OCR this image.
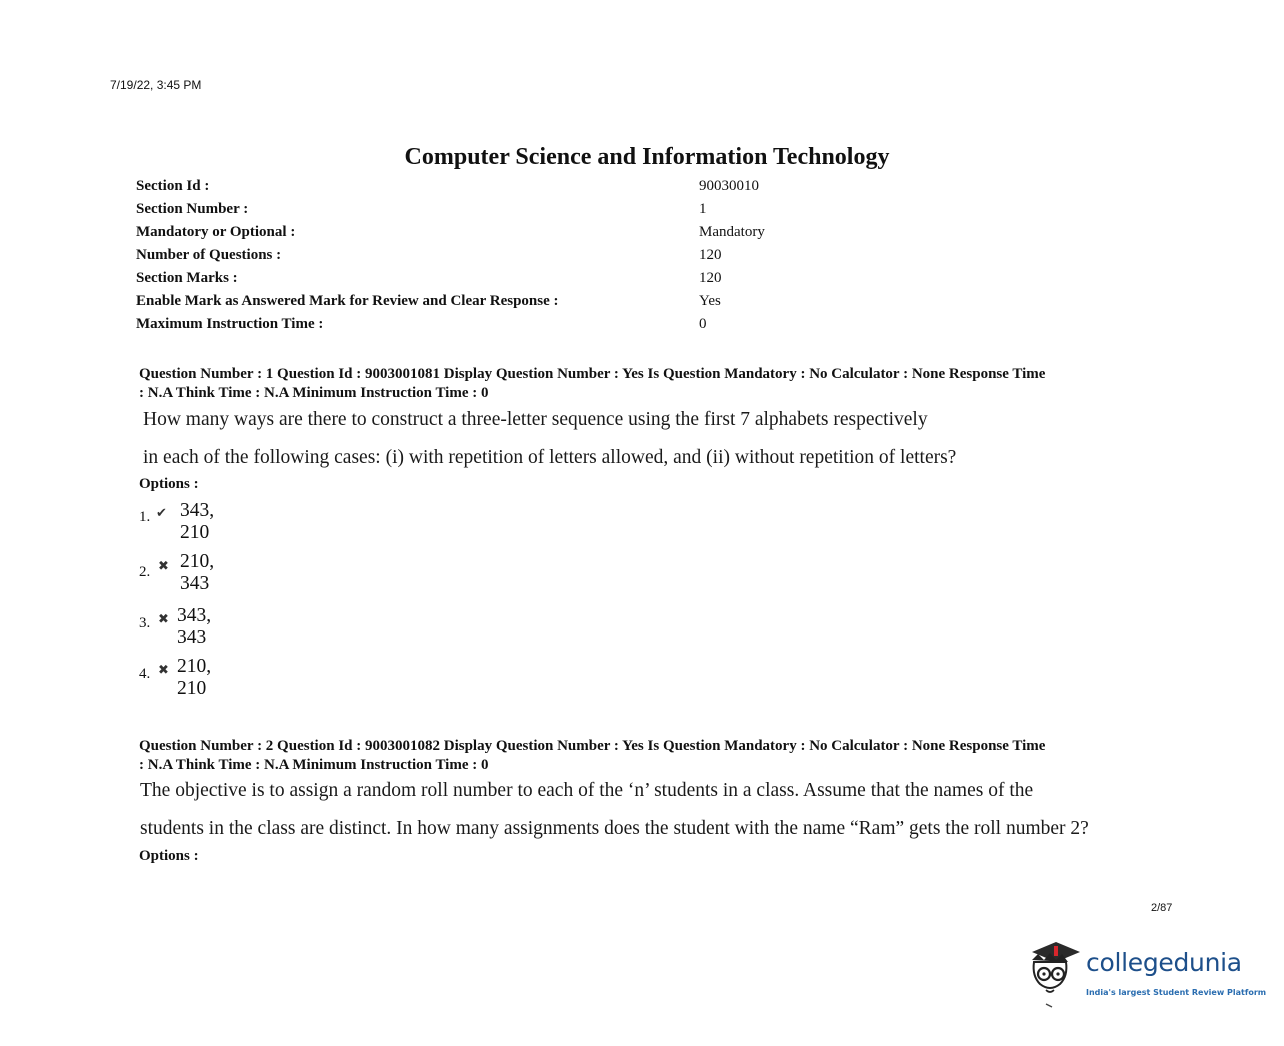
7/19/22, 3:45 PM
Computer Science and Information Technology
Section Id :	90030010
Section Number :	1
Mandatory or Optional :	Mandatory
Number of Questions :	120
Section Marks :	120
Enable Mark as Answered Mark for Review and Clear Response :	Yes
Maximum Instruction Time :	0
Question Number : 1 Question Id : 9003001081 Display Question Number : Yes Is Question Mandatory : No Calculator : None Response Time
: N.A Think Time : N.A Minimum Instruction Time : 0
How many ways are there to construct a three-letter sequence using the first 7 alphabets respectively
in each of the following cases: (i) with repetition of letters allowed, and (ii) without repetition of letters?
Options :
1. ✔ 343, 210
2. ✖ 210, 343
3. ✖ 343, 343
4. ✖ 210, 210
Question Number : 2 Question Id : 9003001082 Display Question Number : Yes Is Question Mandatory : No Calculator : None Response Time
: N.A Think Time : N.A Minimum Instruction Time : 0
The objective is to assign a random roll number to each of the ‘n’ students in a class. Assume that the names of the
students in the class are distinct. In how many assignments does the student with the name “Ram” gets the roll number 2?
Options :
2/87
collegedunia
India's largest Student Review Platform
